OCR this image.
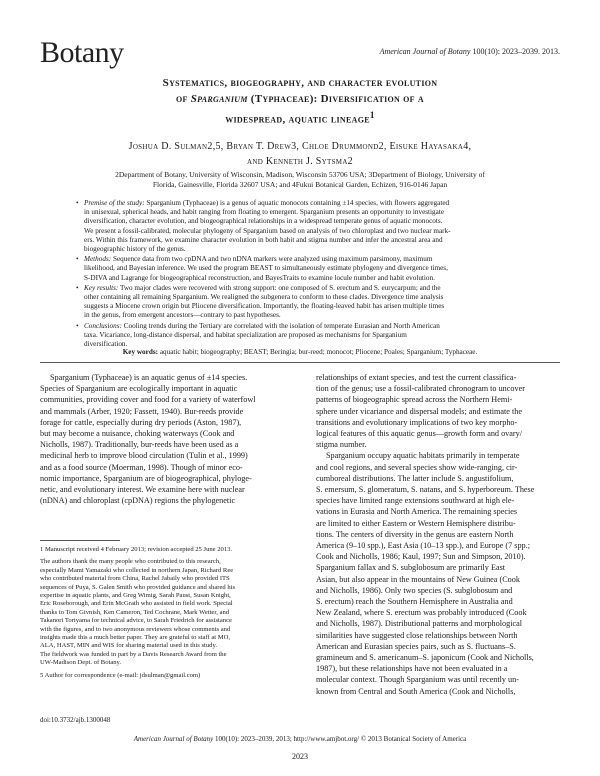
Botany	American Journal of Botany 100(10): 2023–2039. 2013.
Systematics, biogeography, and character evolution
of Sparganium (Typhaceae): Diversification of a
widespread, aquatic lineage$^1$
Joshua D. Sulman2,5, Bryan T. Drew3, Chloe Drummond2, Eisuke Hayasaka4,
and Kenneth J. Sytsma2
2Department of Botany, University of Wisconsin, Madison, Wisconsin 53706 USA; 3Department of Biology, University of
Florida, Gainesville, Florida 32607 USA; and 4Fukui Botanical Garden, Echizen, 916-0146 Japan
• Premise of the study: Sparganium (Typhaceae) is a genus of aquatic monocots containing ±14 species, with flowers aggregated
in unisexual, spherical heads, and habit ranging from floating to emergent. Sparganium presents an opportunity to investigate
diversification, character evolution, and biogeographical relationships in a widespread temperate genus of aquatic monocots.
We present a fossil-calibrated, molecular phylogeny of Sparganium based on analysis of two chloroplast and two nuclear mark-
ers. Within this framework, we examine character evolution in both habit and stigma number and infer the ancestral area and
biogeographic history of the genus.
• Methods: Sequence data from two cpDNA and two nDNA markers were analyzed using maximum parsimony, maximum
likelihood, and Bayesian inference. We used the program BEAST to simultaneously estimate phylogeny and divergence times,
S-DIVA and Lagrange for biogeographical reconstruction, and BayesTraits to examine locule number and habit evolution.
• Key results: Two major clades were recovered with strong support: one composed of S. erectum and S. eurycarpum; and the
other containing all remaining Sparganium. We realigned the subgenera to conform to these clades. Divergence time analysis
suggests a Miocene crown origin but Pliocene diversification. Importantly, the floating-leaved habit has arisen multiple times
in the genus, from emergent ancestors—contrary to past hypotheses.
• Conclusions: Cooling trends during the Tertiary are correlated with the isolation of temperate Eurasian and North American
taxa. Vicariance, long-distance dispersal, and habitat specialization are proposed as mechanisms for Sparganium
diversification.
Key words: aquatic habit; biogeography; BEAST; Beringia; bur-reed; monocot; Pliocene; Poales; Sparganium; Typhaceae.
Sparganium (Typhaceae) is an aquatic genus of ±14 species.
Species of Sparganium are ecologically important in aquatic
communities, providing cover and food for a variety of waterfowl
and mammals (Arber, 1920; Fassett, 1940). Bur-reeds provide
forage for cattle, especially during dry periods (Aston, 1987),
but may become a nuisance, choking waterways (Cook and
Nicholls, 1987). Traditionally, bur-reeds have been used as a
medicinal herb to improve blood circulation (Tulin et al., 1999)
and as a food source (Moerman, 1998). Though of minor eco-
nomic importance, Sparganium are of biogeographical, phyloge-
netic, and evolutionary interest. We examine here with nuclear
(nDNA) and chloroplast (cpDNA) regions the phylogenetic
1 Manuscript received 4 February 2013; revision accepted 25 June 2013.
The authors thank the many people who contributed to this research,
especially Mami Yamazaki who collected in northern Japan, Richard Ree
who contributed material from China, Rachel Jabaily who provided ITS
sequences of Puya, S. Galen Smith who provided guidance and shared his
expertise in aquatic plants, and Greg Wimig, Sarah Paust, Susan Knight,
Eric Roseborough, and Erin McGrath who assisted in field work. Special
thanks to Tom Givnish, Ken Cameron, Ted Cochrane, Mark Wetter, and
Takanori Toriyama for technical advice, to Sarah Friedrich for assistance
with the figures, and to two anonymous reviewers whose comments and
insights made this a much better paper. They are grateful to staff at MO,
ALA, HAST, MIN and WIS for sharing material used in this study.
The fieldwork was funded in part by a Davis Research Award from the
UW-Madison Dept. of Botany.
5 Author for correspondence (e-mail: jdsulman@gmail.com)
doi:10.3732/ajb.1300048
relationships of extant species, and test the current classifica-
tion of the genus; use a fossil-calibrated chronogram to uncover
patterns of biogeographic spread across the Northern Hemi-
sphere under vicariance and dispersal models; and estimate the
transitions and evolutionary implications of two key morpho-
logical features of this aquatic genus—growth form and ovary/
stigma number.
Sparganium occupy aquatic habitats primarily in temperate
and cool regions, and several species show wide-ranging, cir-
cumboreal distributions. The latter include S. angustifolium,
S. emersum, S. glomeratum, S. natans, and S. hyperboreum. These
species have limited range extensions southward at high ele-
vations in Eurasia and North America. The remaining species
are limited to either Eastern or Western Hemisphere distribu-
tions. The centers of diversity in the genus are eastern North
America (9–10 spp.), East Asia (10–13 spp.), and Europe (7 spp.;
Cook and Nicholls, 1986; Kaul, 1997; Sun and Simpson, 2010).
Sparganium fallax and S. subglobosum are primarily East
Asian, but also appear in the mountains of New Guinea (Cook
and Nicholls, 1986). Only two species (S. subglobosum and
S. erectum) reach the Southern Hemisphere in Australia and
New Zealand, where S. erectum was probably introduced (Cook
and Nicholls, 1987). Distributional patterns and morphological
similarities have suggested close relationships between North
American and Eurasian species pairs, such as S. fluctuans–S.
gramineum and S. americanum–S. japonicum (Cook and Nicholls,
1987), but these relationships have not been evaluated in a
molecular context. Though Sparganium was until recently un-
known from Central and South America (Cook and Nicholls,
American Journal of Botany 100(10): 2023–2039, 2013; http://www.amjbot.org/ © 2013 Botanical Society of America
2023
